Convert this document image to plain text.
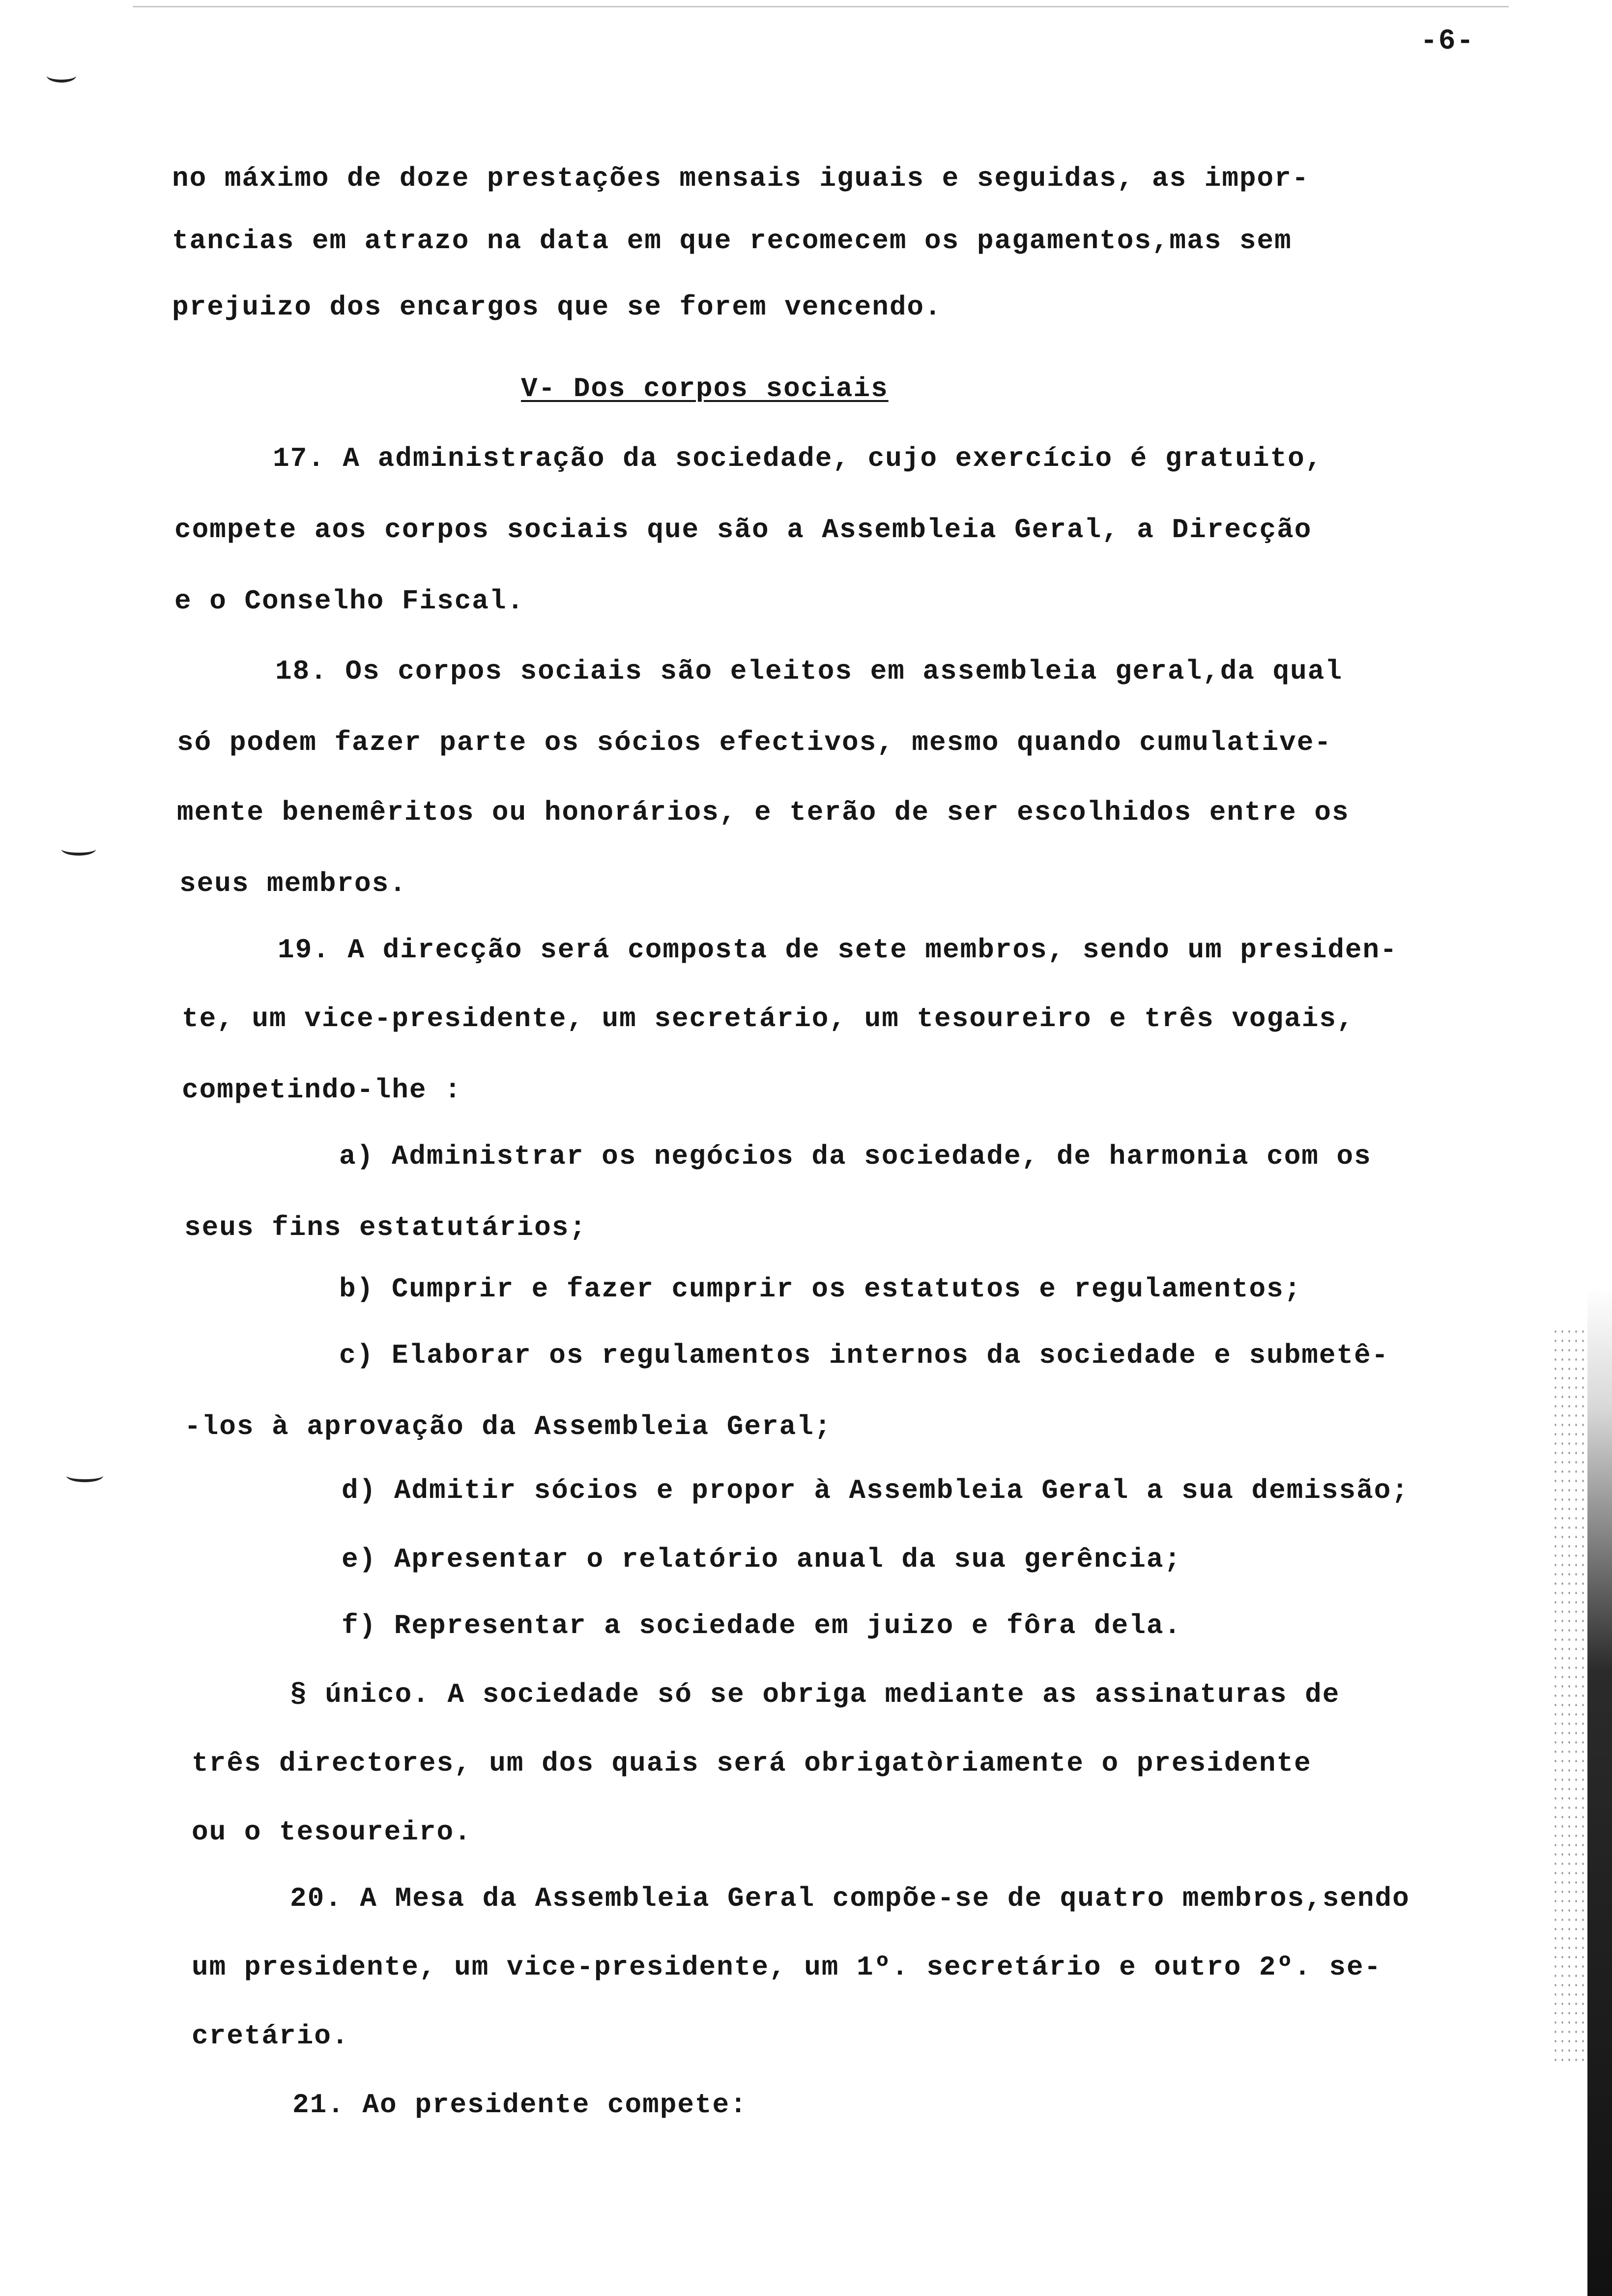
-6-
no máximo de doze prestações mensais iguais e seguidas, as impor-
tancias em atrazo na data em que recomecem os pagamentos,mas sem
prejuizo dos encargos que se forem vencendo.
V- Dos corpos sociais
17. A administração da sociedade, cujo exercício é gratuito,
compete aos corpos sociais que são a Assembleia Geral, a Direcção
e o Conselho Fiscal.
18. Os corpos sociais são eleitos em assembleia geral,da qual
só podem fazer parte os sócios efectivos, mesmo quando cumulative-
mente benemêritos ou honorários, e terão de ser escolhidos entre os
seus membros.
19. A direcção será composta de sete membros, sendo um presiden-
te, um vice-presidente, um secretário, um tesoureiro e três vogais,
competindo-lhe :
a) Administrar os negócios da sociedade, de harmonia com os
seus fins estatutários;
b) Cumprir e fazer cumprir os estatutos e regulamentos;
c) Elaborar os regulamentos internos da sociedade e submetê-
-los à aprovação da Assembleia Geral;
d) Admitir sócios e propor à Assembleia Geral a sua demissão;
e) Apresentar o relatório anual da sua gerência;
f) Representar a sociedade em juizo e fôra dela.
§ único. A sociedade só se obriga mediante as assinaturas de
três directores, um dos quais será obrigatòriamente o presidente
ou o tesoureiro.
20. A Mesa da Assembleia Geral compõe-se de quatro membros,sendo
um presidente, um vice-presidente, um 1º. secretário e outro 2º. se-
cretário.
21. Ao presidente compete:
